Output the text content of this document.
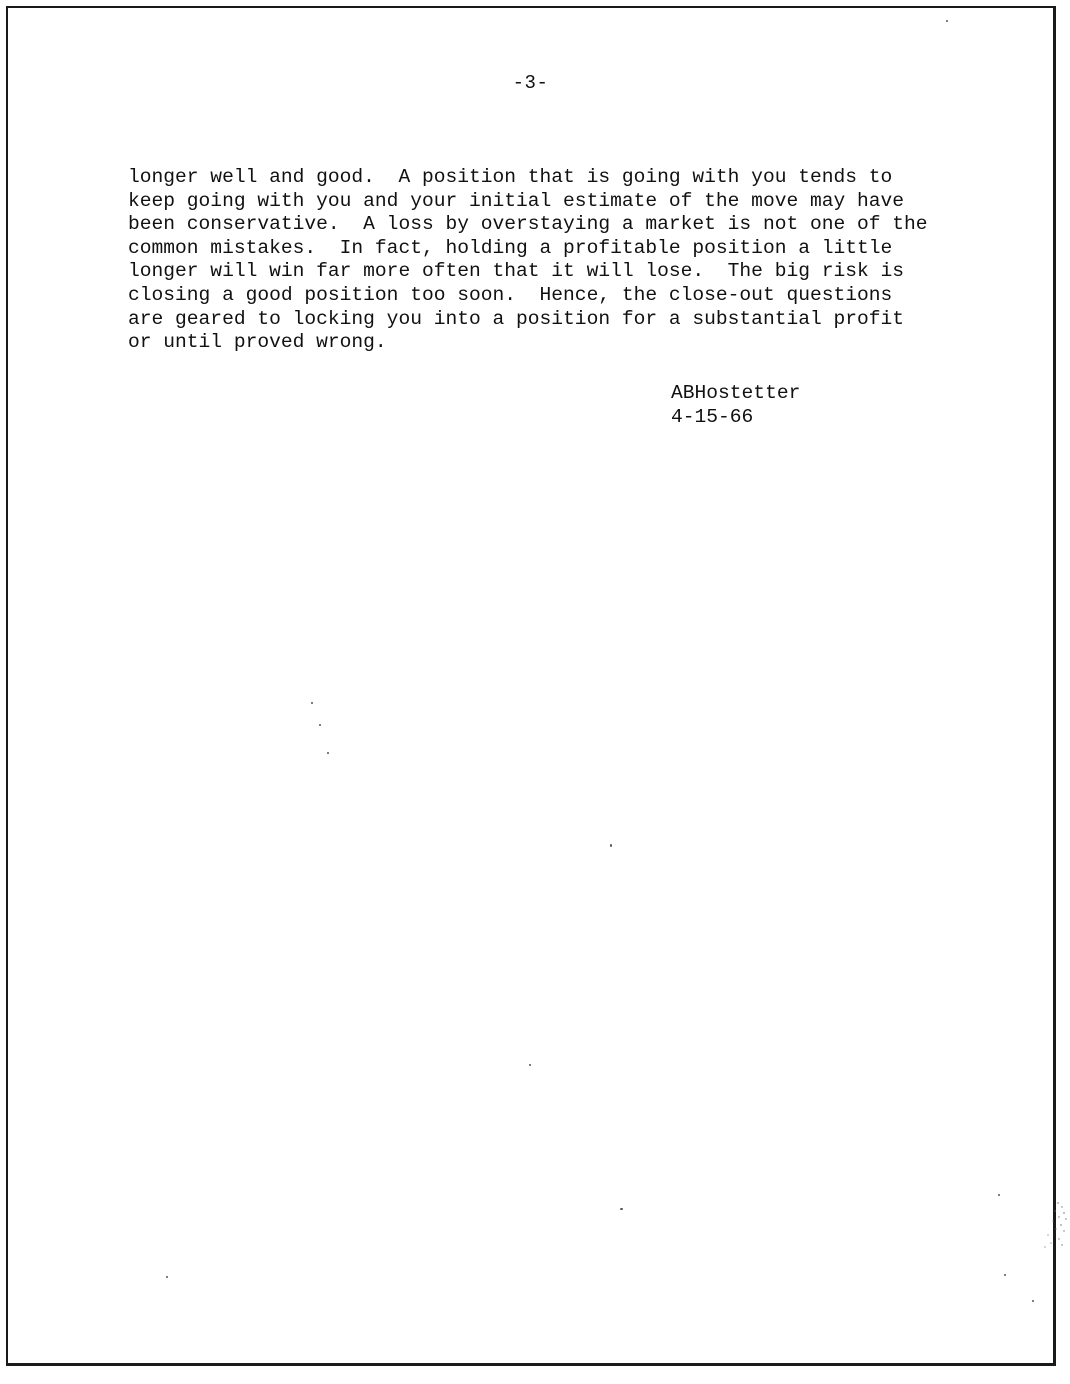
-3-
longer well and good.  A position that is going with you tends to
keep going with you and your initial estimate of the move may have
been conservative.  A loss by overstaying a market is not one of the
common mistakes.  In fact, holding a profitable position a little
longer will win far more often that it will lose.  The big risk is
closing a good position too soon.  Hence, the close-out questions
are geared to locking you into a position for a substantial profit
or until proved wrong.
ABHostetter
4-15-66
